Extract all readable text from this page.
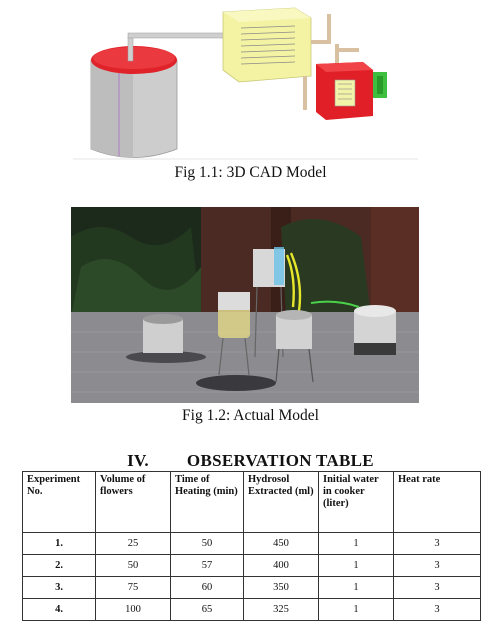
Fig 1.1: 3D CAD Model
Fig 1.2: Actual Model
IV. OBSERVATION TABLE
Experiment No.	Volume of flowers	Time of Heating (min)	Hydrosol Extracted (ml)	Initial water in cooker (liter)	Heat rate
1.	25	50	450	1	3
2.	50	57	400	1	3
3.	75	60	350	1	3
4.	100	65	325	1	3
